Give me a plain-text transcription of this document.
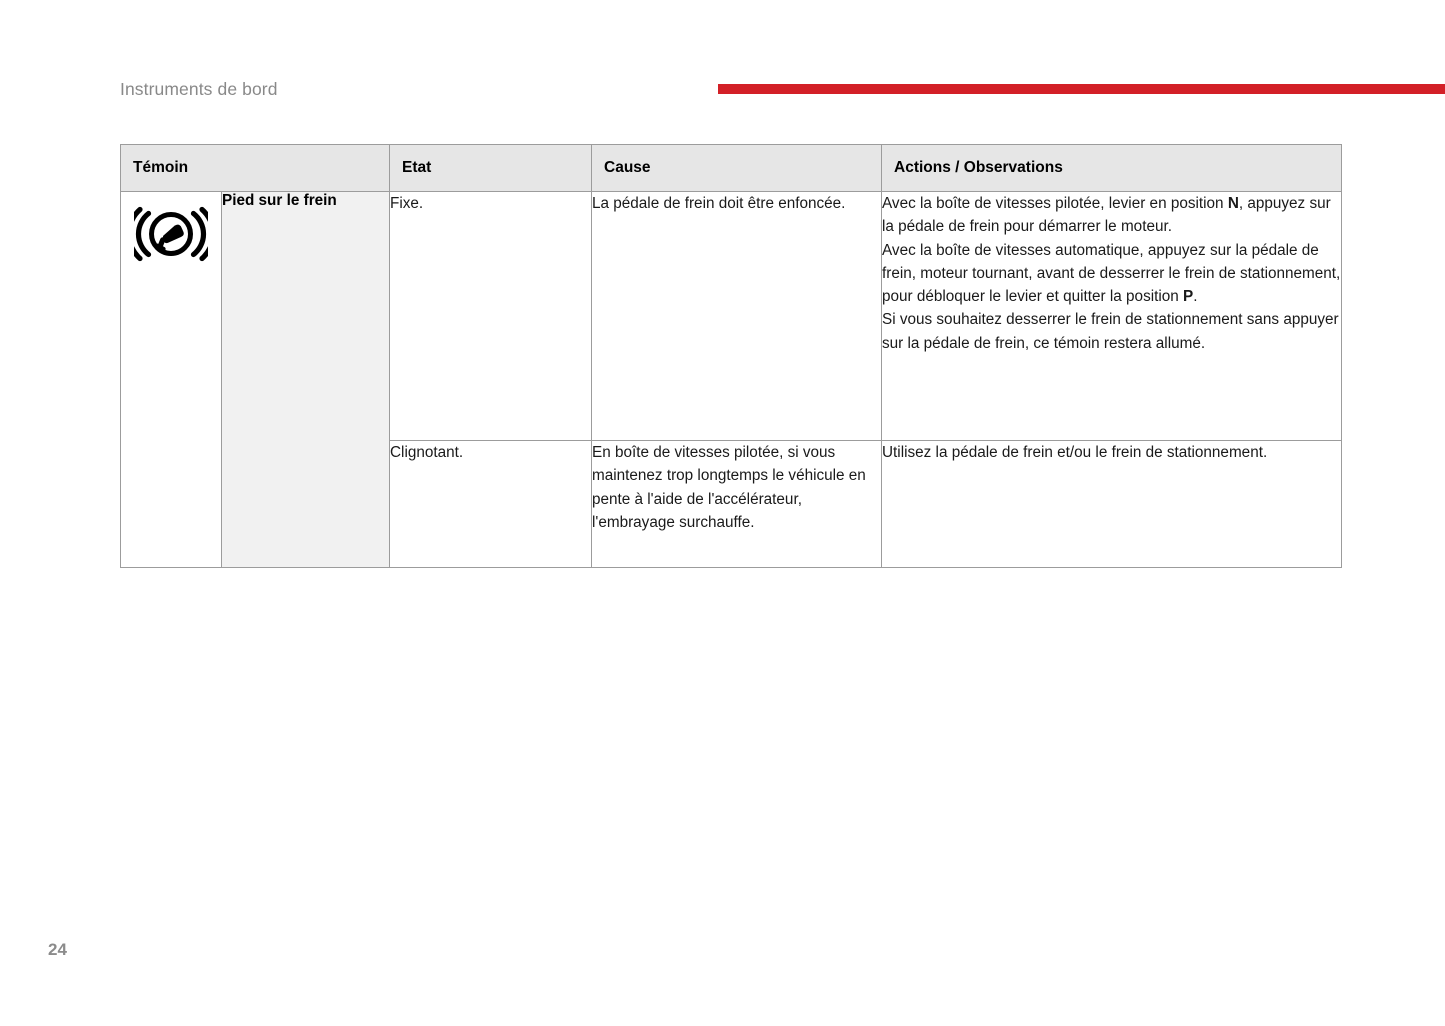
Instruments de bord
Témoin		Etat	Cause	Actions / Observations

	Pied sur le frein	Fixe.	La pédale de frein doit être enfoncée.	Avec la boîte de vitesses pilotée, levier en position N, appuyez sur la pédale de frein pour démarrer le moteur.

Avec la boîte de vitesses automatique, appuyez sur la pédale de frein, moteur tournant, avant de desserrer le frein de stationnement, pour débloquer le levier et quitter la position P.

Si vous souhaitez desserrer le frein de stationnement sans appuyer sur la pédale de frein, ce témoin restera allumé.

		Clignotant.	En boîte de vitesses pilotée, si vous maintenez trop longtemps le véhicule en pente à l'aide de l'accélérateur, l'embrayage surchauffe.	Utilisez la pédale de frein et/ou le frein de stationnement.

24
